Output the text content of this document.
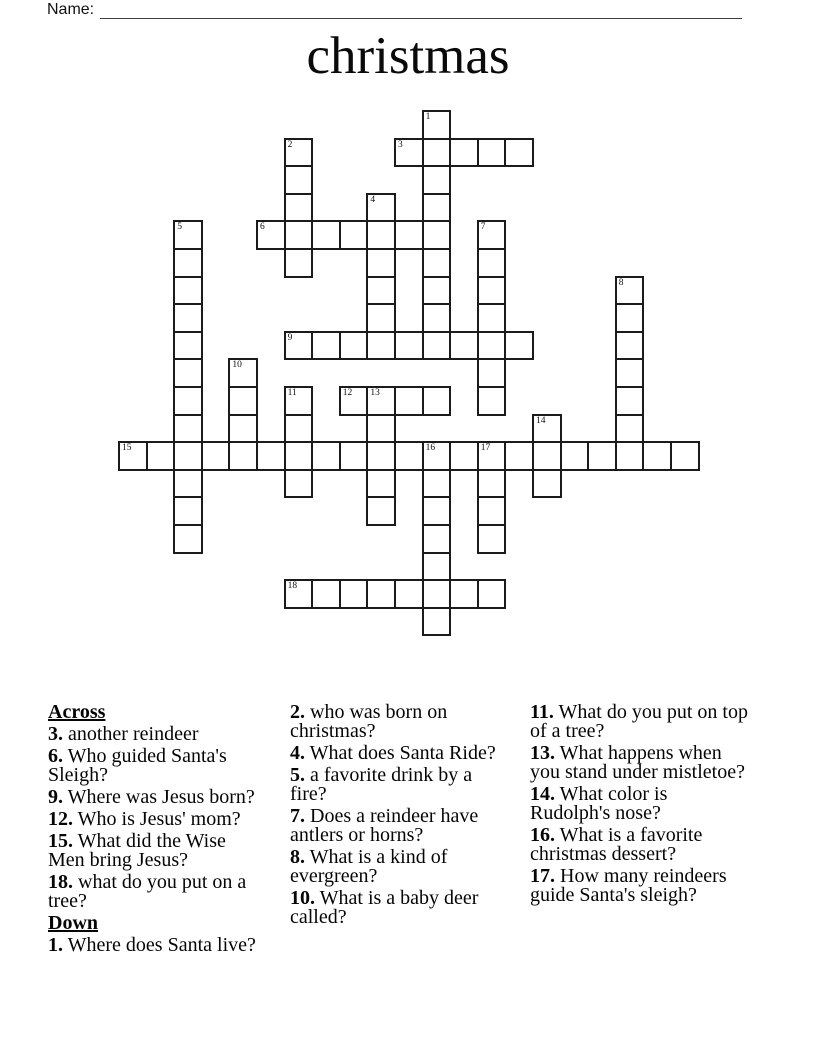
Name:
christmas
1
2	3
4
5	6	7
8
9
10
11	12 13
14
15	16	17
18
Across
3. another reindeer
6. Who guided Santa's Sleigh?
9. Where was Jesus born?
12. Who is Jesus' mom?
15. What did the Wise Men bring Jesus?
18. what do you put on a tree?
Down
1. Where does Santa live?
2. who was born on christmas?
4. What does Santa Ride?
5. a favorite drink by a fire?
7. Does a reindeer have antlers or horns?
8. What is a kind of evergreen?
10. What is a baby deer called?
11. What do you put on top of a tree?
13. What happens when you stand under mistletoe?
14. What color is Rudolph's nose?
16. What is a favorite christmas dessert?
17. How many reindeers guide Santa's sleigh?
